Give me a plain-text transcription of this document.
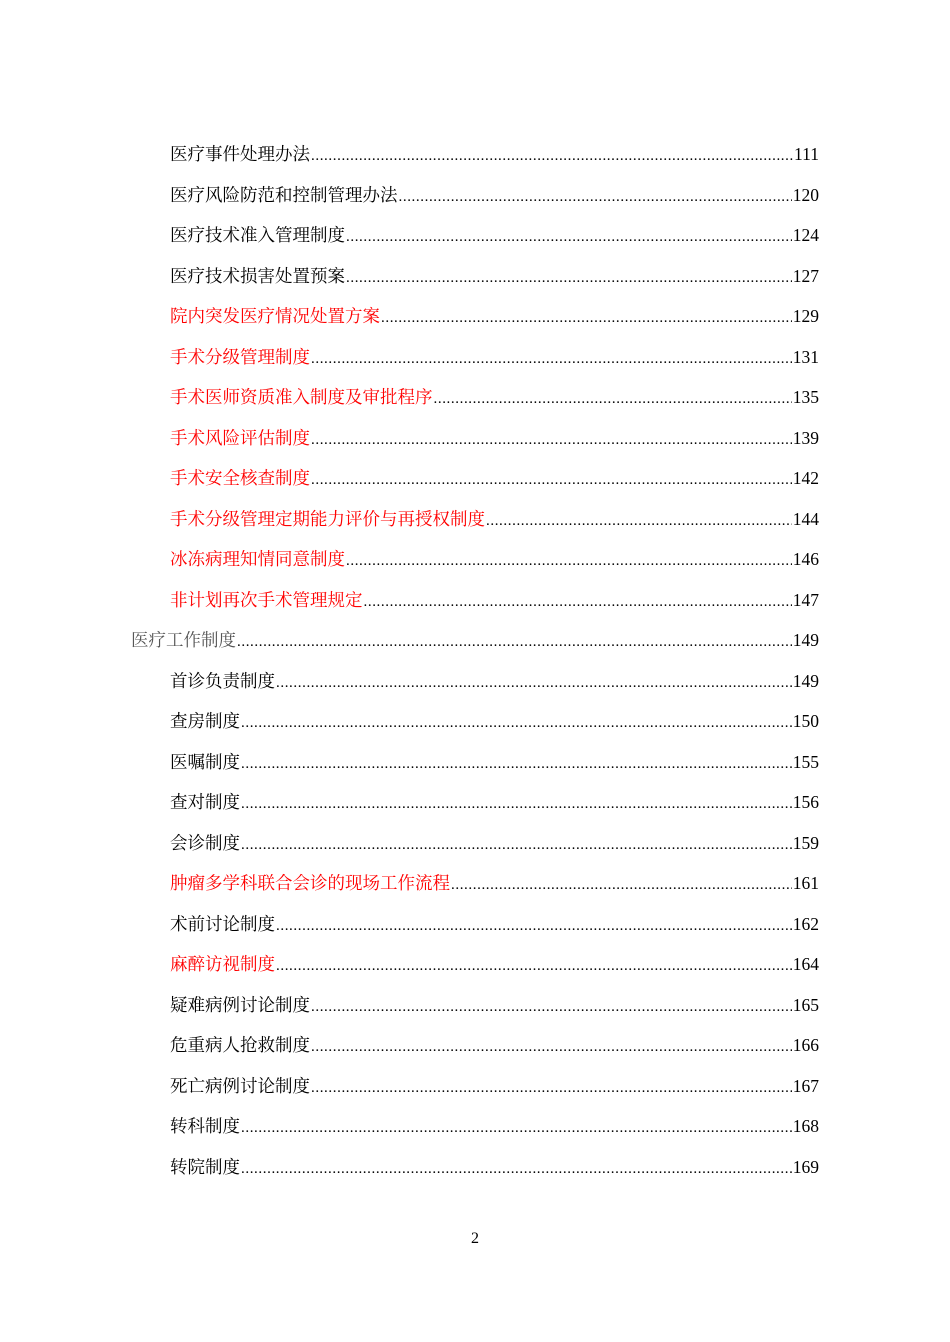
医疗事件处理办法 .....	111
医疗风险防范和控制管理办法 .....	120
医疗技术准入管理制度 .....	124
医疗技术损害处置预案 .....	127
院内突发医疗情况处置方案 .....	129
手术分级管理制度 .....	131
手术医师资质准入制度及审批程序 .....	135
手术风险评估制度 .....	139
手术安全核查制度 .....	142
手术分级管理定期能力评价与再授权制度 .....	144
冰冻病理知情同意制度 .....	146
非计划再次手术管理规定 .....	147
医疗工作制度 .....	149
首诊负责制度 .....	149
查房制度 .....	150
医嘱制度 .....	155
查对制度 .....	156
会诊制度 .....	159
肿瘤多学科联合会诊的现场工作流程 .....	161
术前讨论制度 .....	162
麻醉访视制度 .....	164
疑难病例讨论制度 .....	165
危重病人抢救制度 .....	166
死亡病例讨论制度 .....	167
转科制度 .....	168
转院制度 .....	169
2
